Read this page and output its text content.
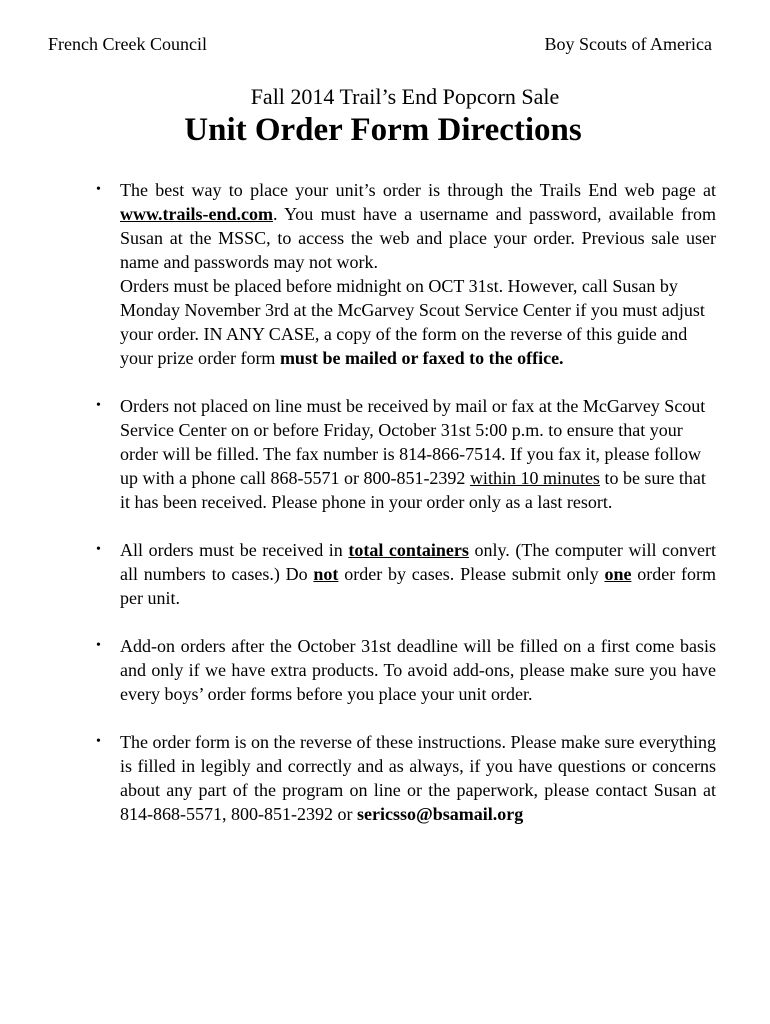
French Creek Council	Boy Scouts of America
Fall 2014 Trail’s End Popcorn Sale
Unit Order Form Directions
• The best way to place your unit’s order is through the Trails End web page at www.trails-end.com. You must have a username and password, available from Susan at the MSSC, to access the web and place your order. Previous sale user name and passwords may not work.

Orders must be placed before midnight on OCT 31st. However, call Susan by Monday November 3rd at the McGarvey Scout Service Center if you must adjust your order. IN ANY CASE, a copy of the form on the reverse of this guide and your prize order form must be mailed or faxed to the office.

• Orders not placed on line must be received by mail or fax at the McGarvey Scout Service Center on or before Friday, October 31st 5:00 p.m. to ensure that your order will be filled. The fax number is 814-866-7514. If you fax it, please follow up with a phone call 868-5571 or 800-851-2392 within 10 minutes to be sure that it has been received. Please phone in your order only as a last resort.

• All orders must be received in total containers only. (The computer will convert all numbers to cases.) Do not order by cases. Please submit only one order form per unit.

• Add-on orders after the October 31st deadline will be filled on a first come basis and only if we have extra products. To avoid add-ons, please make sure you have every boys’ order forms before you place your unit order.

• The order form is on the reverse of these instructions. Please make sure everything is filled in legibly and correctly and as always, if you have questions or concerns about any part of the program on line or the paperwork, please contact Susan at 814-868-5571, 800-851-2392 or sericsso@bsamail.org
